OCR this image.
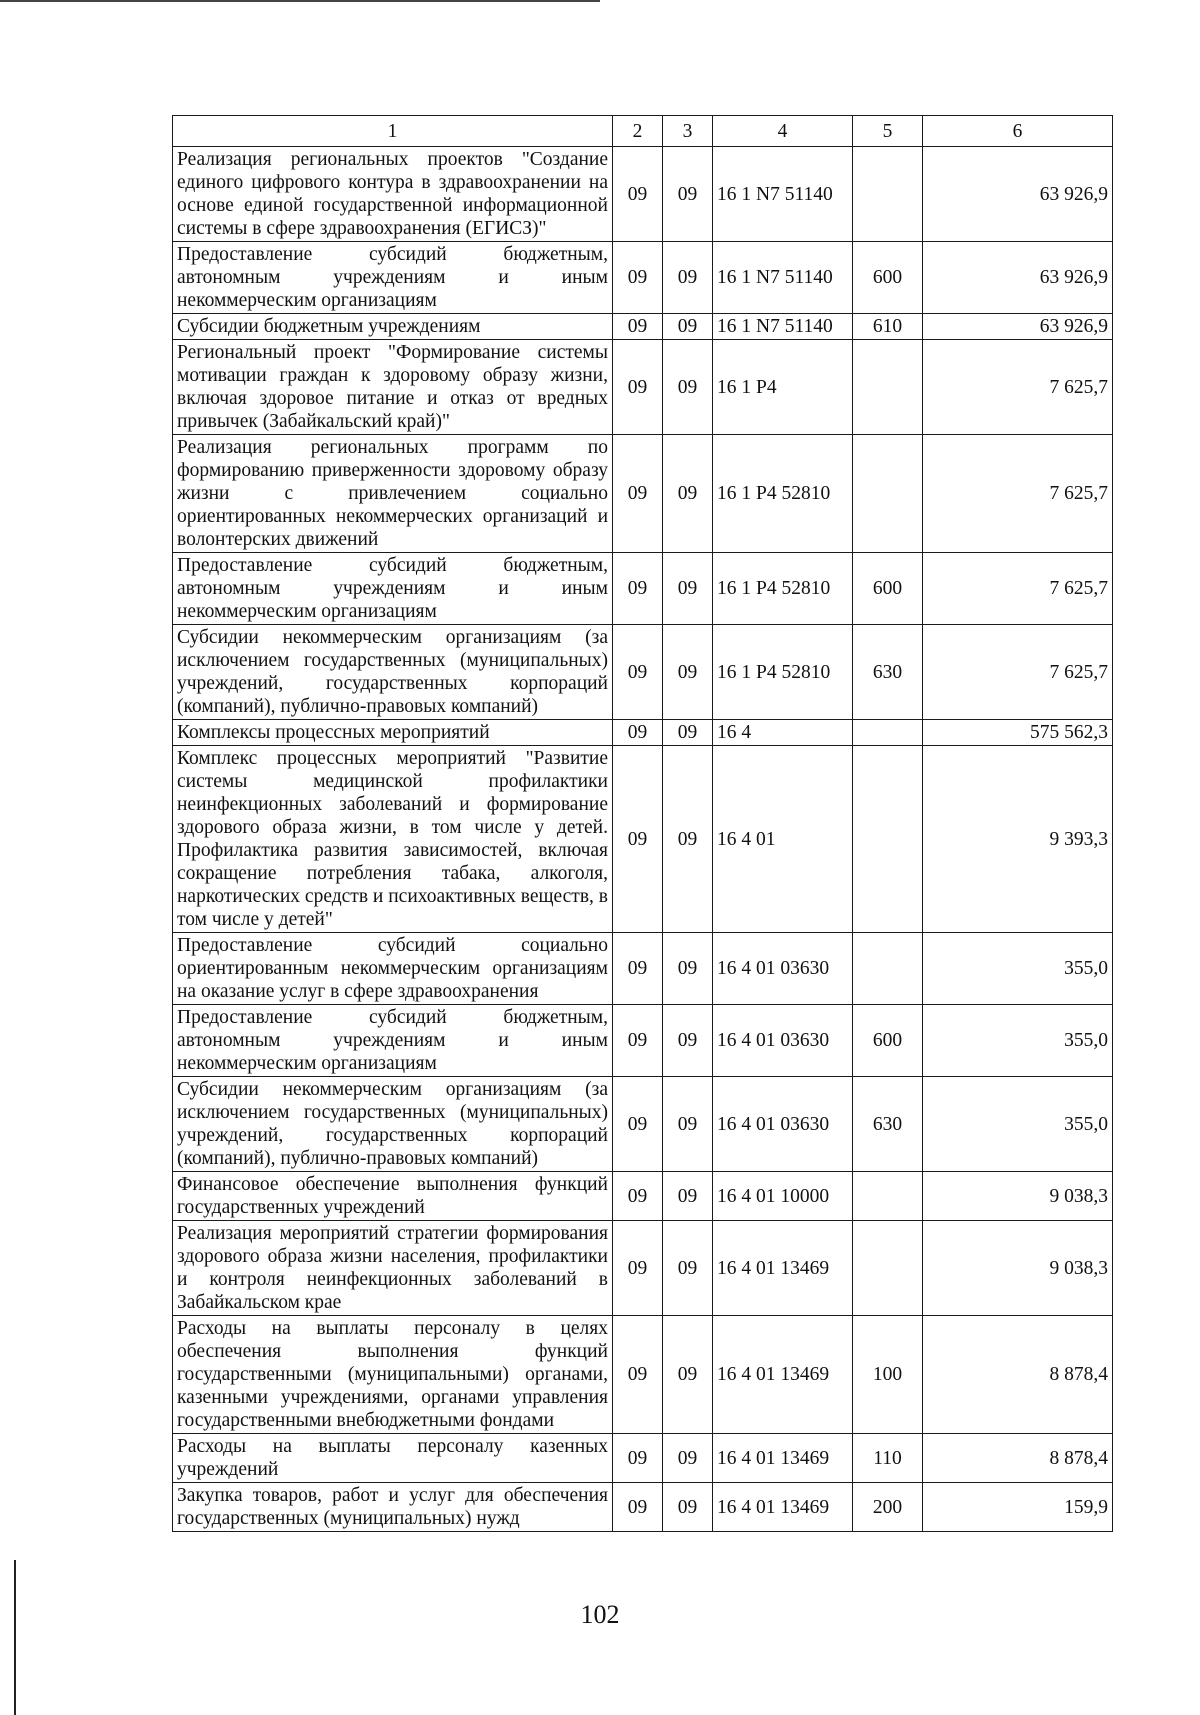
1	2	3	4	5	6
Реализация региональных проектов "Создание единого цифрового контура в здравоохранении на основе единой государственной информационной системы в сфере здравоохранения (ЕГИСЗ)"	09	09	16 1 N7 51140		63 926,9
Предоставление субсидий бюджетным, автономным учреждениям и иным некоммерческим организациям	09	09	16 1 N7 51140	600	63 926,9
Субсидии бюджетным учреждениям	09	09	16 1 N7 51140	610	63 926,9
Региональный проект "Формирование системы мотивации граждан к здоровому образу жизни, включая здоровое питание и отказ от вредных привычек (Забайкальский край)"	09	09	16 1 P4		7 625,7
Реализация региональных программ по формированию приверженности здоровому образу жизни с привлечением социально ориентированных некоммерческих организаций и волонтерских движений	09	09	16 1 P4 52810		7 625,7
Предоставление субсидий бюджетным, автономным учреждениям и иным некоммерческим организациям	09	09	16 1 P4 52810	600	7 625,7
Субсидии некоммерческим организациям (за исключением государственных (муниципальных) учреждений, государственных корпораций (компаний), публично-правовых компаний)	09	09	16 1 P4 52810	630	7 625,7
Комплексы процессных мероприятий	09	09	16 4		575 562,3
Комплекс процессных мероприятий "Развитие системы медицинской профилактики неинфекционных заболеваний и формирование здорового образа жизни, в том числе у детей. Профилактика развития зависимостей, включая сокращение потребления табака, алкоголя, наркотических средств и психоактивных веществ, в том числе у детей"	09	09	16 4 01		9 393,3
Предоставление субсидий социально ориентированным некоммерческим организациям на оказание услуг в сфере здравоохранения	09	09	16 4 01 03630		355,0
Предоставление субсидий бюджетным, автономным учреждениям и иным некоммерческим организациям	09	09	16 4 01 03630	600	355,0
Субсидии некоммерческим организациям (за исключением государственных (муниципальных) учреждений, государственных корпораций (компаний), публично-правовых компаний)	09	09	16 4 01 03630	630	355,0
Финансовое обеспечение выполнения функций государственных учреждений	09	09	16 4 01 10000		9 038,3
Реализация мероприятий стратегии формирования здорового образа жизни населения, профилактики и контроля неинфекционных заболеваний в Забайкальском крае	09	09	16 4 01 13469		9 038,3
Расходы на выплаты персоналу в целях обеспечения выполнения функций государственными (муниципальными) органами, казенными учреждениями, органами управления государственными внебюджетными фондами	09	09	16 4 01 13469	100	8 878,4
Расходы на выплаты персоналу казенных учреждений	09	09	16 4 01 13469	110	8 878,4
Закупка товаров, работ и услуг для обеспечения государственных (муниципальных) нужд	09	09	16 4 01 13469	200	159,9
102
